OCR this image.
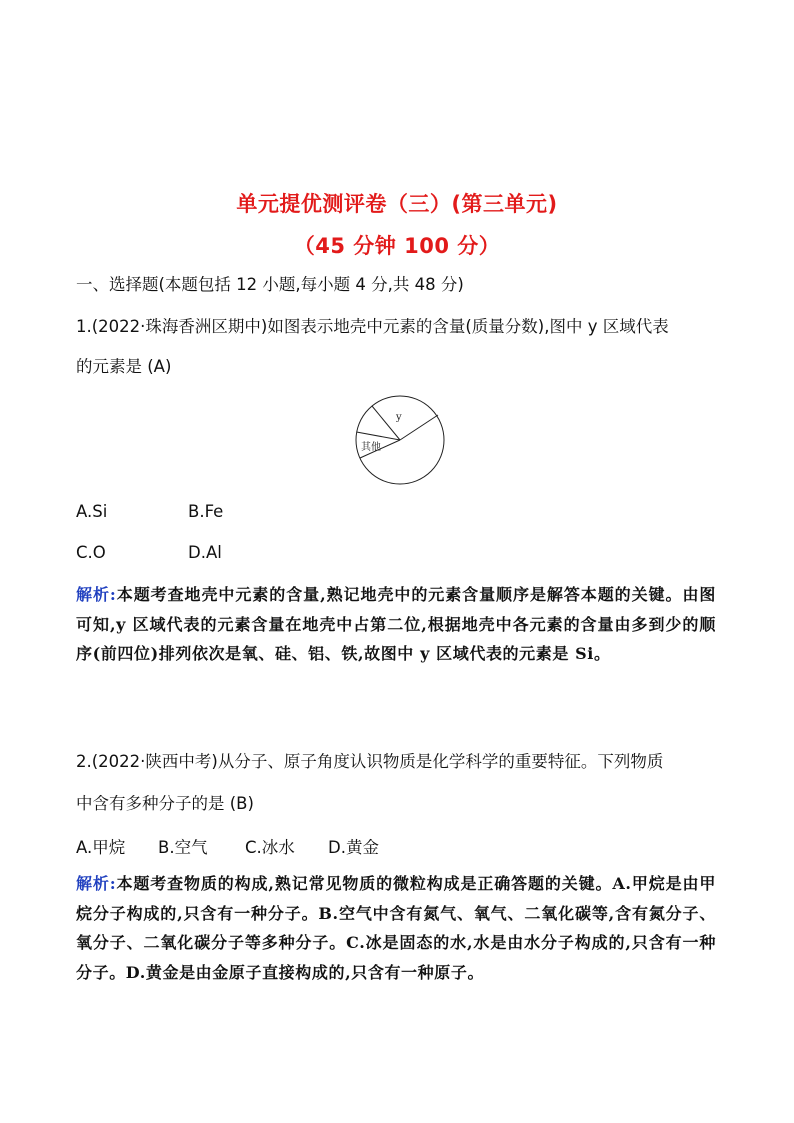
单元提优测评卷（三）(第三单元)
（45 分钟 100 分）
一、选择题(本题包括 12 小题,每小题 4 分,共 48 分)
1.(2022·珠海香洲区期中)如图表示地壳中元素的含量(质量分数),图中 y 区域代表
的元素是 (A)
y
其他
A.Si	B.Fe
C.O	D.Al
解析:本题考查地壳中元素的含量,熟记地壳中的元素含量顺序是解答本题的关键。由图可知,y 区域代表的元素含量在地壳中占第二位,根据地壳中各元素的含量由多到少的顺序(前四位)排列依次是氧、硅、铝、铁,故图中 y 区域代表的元素是 Si。
2.(2022·陕西中考)从分子、原子角度认识物质是化学科学的重要特征。下列物质
中含有多种分子的是 (B)
A.甲烷 B.空气 C.冰水 D.黄金
解析:本题考查物质的构成,熟记常见物质的微粒构成是正确答题的关键。A.甲烷是由甲烷分子构成的,只含有一种分子。B.空气中含有氮气、氧气、二氧化碳等,含有氮分子、氧分子、二氧化碳分子等多种分子。C.冰是固态的水,水是由水分子构成的,只含有一种分子。D.黄金是由金原子直接构成的,只含有一种原子。
